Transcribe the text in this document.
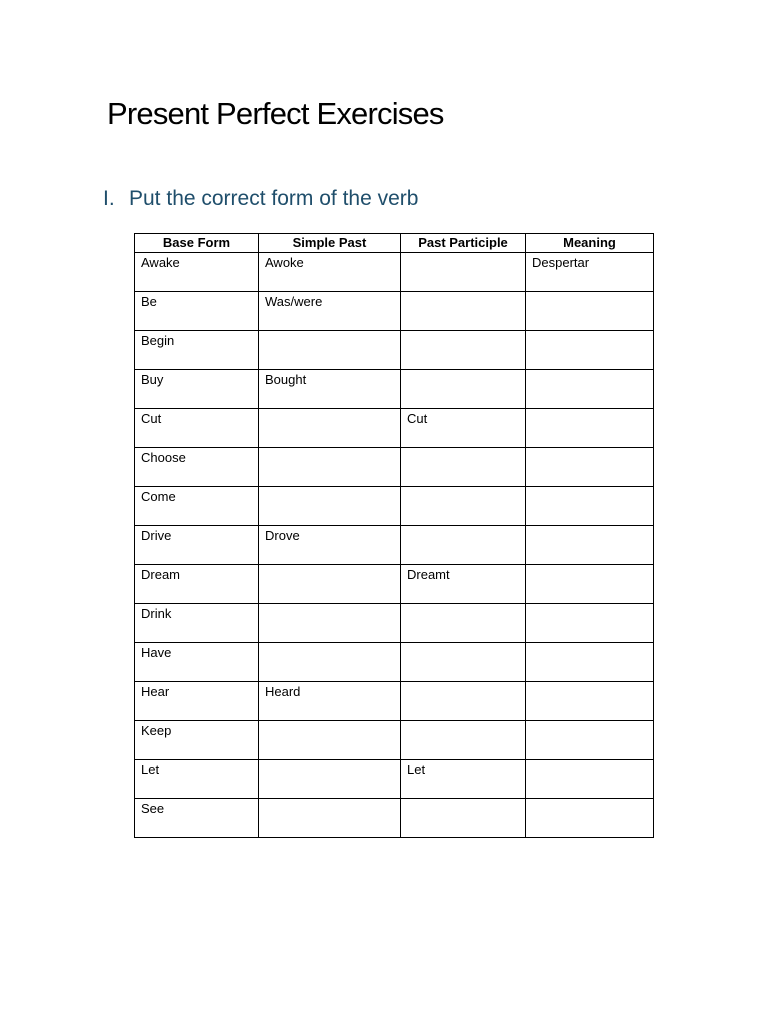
Present Perfect Exercises
I. Put the correct form of the verb
Base Form	Simple Past	Past Participle	Meaning
Awake	Awoke		Despertar
Be	Was/were		
Begin			
Buy	Bought		
Cut		Cut	
Choose			
Come			
Drive	Drove		
Dream		Dreamt	
Drink			
Have			
Hear	Heard		
Keep			
Let		Let	
See			
